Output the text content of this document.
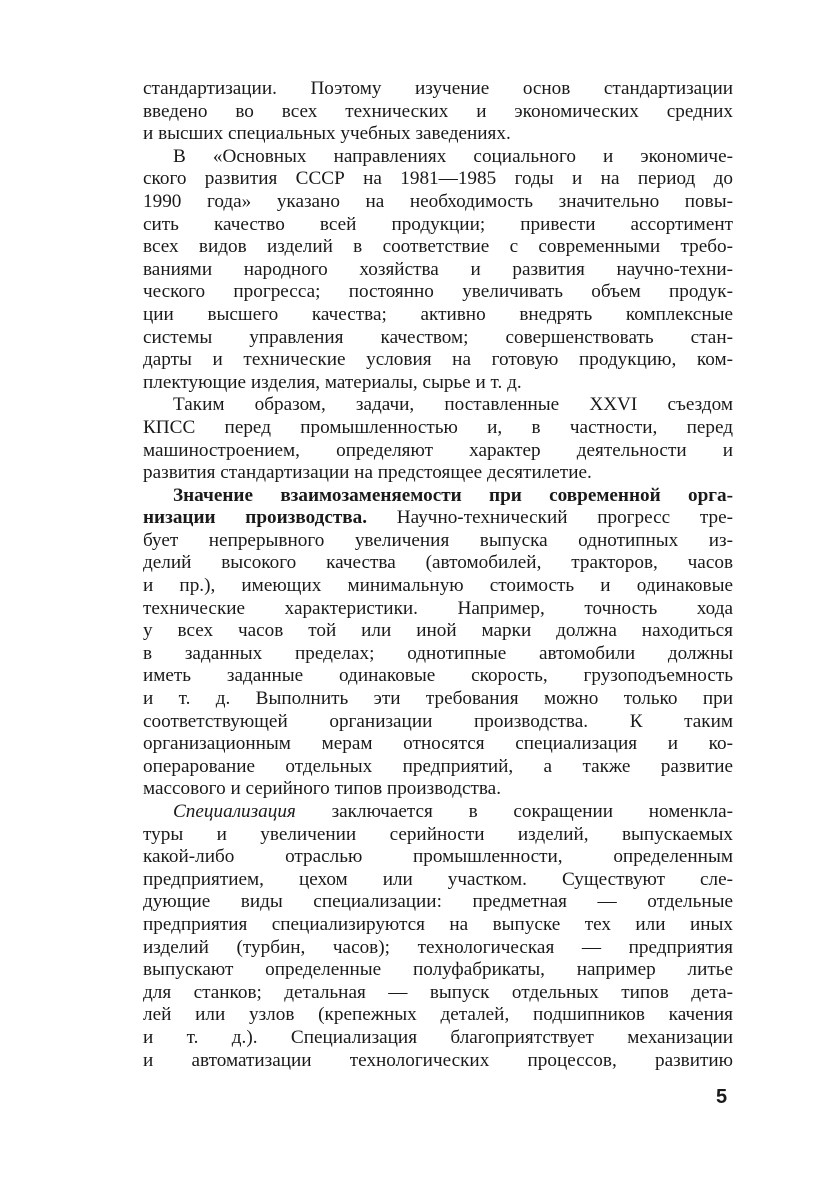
стандартизации. Поэтому изучение основ стандартизации
введено во всех технических и экономических средних
и высших специальных учебных заведениях.

В «Основных направлениях социального и экономиче-
ского развития СССР на 1981—1985 годы и на период до
1990 года» указано на необходимость значительно повы-
сить качество всей продукции; привести ассортимент
всех видов изделий в соответствие с современными требо-
ваниями народного хозяйства и развития научно-техни-
ческого прогресса; постоянно увеличивать объем продук-
ции высшего качества; активно внедрять комплексные
системы управления качеством; совершенствовать стан-
дарты и технические условия на готовую продукцию, ком-
плектующие изделия, материалы, сырье и т. д.

Таким образом, задачи, поставленные XXVI съездом
КПСС перед промышленностью и, в частности, перед
машиностроением, определяют характер деятельности и
развития стандартизации на предстоящее десятилетие.

Значение взаимозаменяемости при современной орга-
низации производства. Научно-технический прогресс тре-
бует непрерывного увеличения выпуска однотипных из-
делий высокого качества (автомобилей, тракторов, часов
и пр.), имеющих минимальную стоимость и одинаковые
технические характеристики. Например, точность хода
у всех часов той или иной марки должна находиться
в заданных пределах; однотипные автомобили должны
иметь заданные одинаковые скорость, грузоподъемность
и т. д. Выполнить эти требования можно только при
соответствующей организации производства. К таким
организационным мерам относятся специализация и ко-
операрование отдельных предприятий, а также развитие
массового и серийного типов производства.

Специализация заключается в сокращении номенкла-
туры и увеличении серийности изделий, выпускаемых
какой-либо отраслью промышленности, определенным
предприятием, цехом или участком. Существуют сле-
дующие виды специализации: предметная — отдельные
предприятия специализируются на выпуске тех или иных
изделий (турбин, часов); технологическая — предприятия
выпускают определенные полуфабрикаты, например литье
для станков; детальная — выпуск отдельных типов дета-
лей или узлов (крепежных деталей, подшипников качения
и т. д.). Специализация благоприятствует механизации
и автоматизации технологических процессов, развитию

5
